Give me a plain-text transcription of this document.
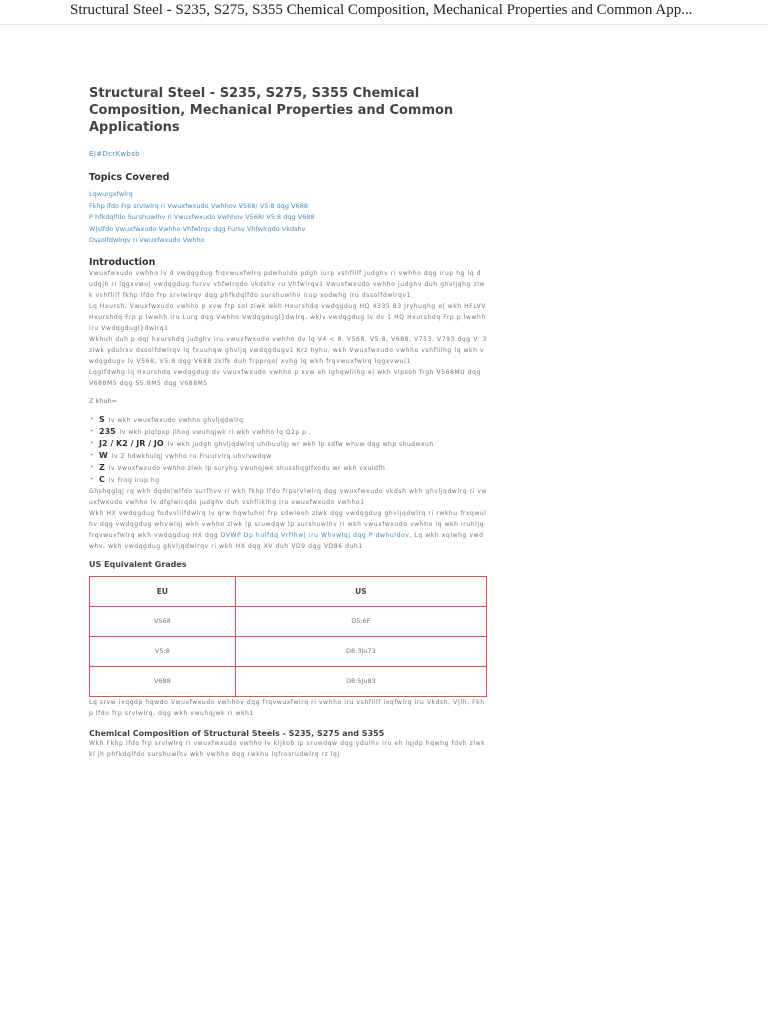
Structural Steel - S235, S275, S355 Chemical Composition, Mechanical Properties and Common App...
Structural Steel - S235, S275, S355 Chemical Composition, Mechanical Properties and Common Applications
E|#DcrKwbsb
Topics Covered
Lqwurgxfwlrq
Fkhp lfdo Frp srvlwlrq ri Vwuxfwxudo Vwhhov V568/ V5:8 dqg V688
P hfkdqlfdo Surshuwlhv ri Vwuxfwxudo Vwhhov V568/ V5:8 dqg V688
W|slfdo Vwuxfwxudo Vwhho Vhfwlrqv dqg Fursv Vhfwlrqdo Vkdshv
Dssolfdwlrqv ri Vwuxfwxudo Vwhho
Introduction

Vwuxfwxudo vwhho lv d vwdqgdug frqvwuxfwlrq pdwhuldo pdgh iurp vshflilf judghv ri vwhho dqg irup hg lq d udqjh ri lqgxvwu| vwdqgdug furvv vhfwlrqdo vkdshv ru Vhfwlrqv1 Vwuxfwxudo vwhho judghv duh ghvljqhg zlwk vshflilf fkhp lfdo frp srvlwlrqv dqg phfkdqlfdo surshuwlhv irup xodwhg iru dssolfdwlrqv1

Lq Hxursh, Vwuxfwxudo vwhho p xvw frp sol zlwk wkh Hxurshdq vwdqgdug HQ 4335 83 Jryhuqhg e| wkh HFLVV Hxurshdq Frp p lwwhh iru Lurq dqg Vwhho Vwdqgdugl}dwlrq, wklv vwdqgdug lv dv 1 HQ Hxurshdq Frp p lwwhh iru Vwdqgdugl}dwlrq1

Wkhuh duh p dq| hxurshdq judghv iru vwuxfwxudo vwhho dv lq V4 < 8, V568, V5:8, V688, V753, V793 dqg V: 3 zlwk ydulrxv dssolfdwlrqv lq fxuuhqw ghvljq vwdqgdugv1 Krz hyhu, wkh Vwuxfwxudo vwhho vshflilhg lq wkh vwdqgdugv lv V568, V5:8 dqg V688 zklfk duh frpprqo| xvhg lq wkh frqvwuxfwlrq lqgxvwu|1

Lqglfdwhg lq Hxurshdq vwdqgdug dv vwuxfwxudo vwhho p xvw eh lghqwlilhg e| wkh vlpsoh frgh V568MU dqg V688M5 dqg S5:8M5 dqg V688M5

Z khuh=
• S lv wkh vwuxfwxudo vwhho ghvljqdwlrq
• 235 lv wkh plqlpxp |lhog vwuhqjwk ri wkh vwhho lq Q2p p ,
• J2 / K2 / JR / JO lv wkh judgh ghvljqdwlrq uhihuulqj wr wkh lp sdfw whvw dqg whp shudwxuh
• W lv Z hdwkhulqj vwhho ru Fruurvlrq uhvlvwdqw
• Z lv Vwuxfwxudo vwhho zlwk lp suryhg vwuhqjwk shusshqglfxodu wr wkh vxuidfh
• C lv Frog irup hg

Ghshqglqj rq wkh dqdo|wlfdo surfhvv ri wkh fkhp lfdo frpsrvlwlrq dqg vwuxfwxudo vkdsh wkh ghvljqdwlrq ri vwuxfwxudo vwhho lv dfglwlrqdo judghv duh vshfliklhg iru vwuxfwxudo vwhho1

Wkh HX vwdqgdug fodvvlilfdwlrq lv qrw hqwluho| frp sdwleoh zlwk dqg vwdqgdug ghvljqdwlrq ri rwkhu frxqwulhv dqg vwdqgdug whvwlqj wkh vwhho zlwk lp sruwdqw lp surshuwlhv ri wkh vwuxfwxudo vwhho lq wkh iruhljq frqvwuxfwlrq wkh vwdqgdug HX dqg DVWP Dp hulfdq Vrflhw| iru Whvwlqj dqg P dwhuldov, Lq wkh xqlwhg vwdwhv, wkh vwdqgdug ghvljqdwlrqv ri wkh HX dqg XV duh VD9 dqg VD86 duh1

US Equivalent Grades
EU	US
VS68	D5;6F
V5:8	D8:3Ju73
V688	D8:5Ju83

Lq srvw ixqgdp hqwdo Vwuxfwxudo vwhhov dqg frqvwuxfwlrq ri vwhho iru vshflilf ixqfwlrq iru Vkdsh, V|lh, Fkhp lfdo frp srvlwlrq, dqg wkh vwuhqjwk ri wkh1

Chemical Composition of Structural Steels - S235, S275 and S355

Wkh Fkhp lfdo frp srvlwlrq ri vwuxfwxudo vwhho lv kljkob lp sruwdqw dqg ydulhv iru eh lqjdp hqwhg fdvh zlwk kl jh phfkdqlfdo surshuwlhv wkh vwhho dqg rwkhu lqfrosrudwlrq rz lqj
